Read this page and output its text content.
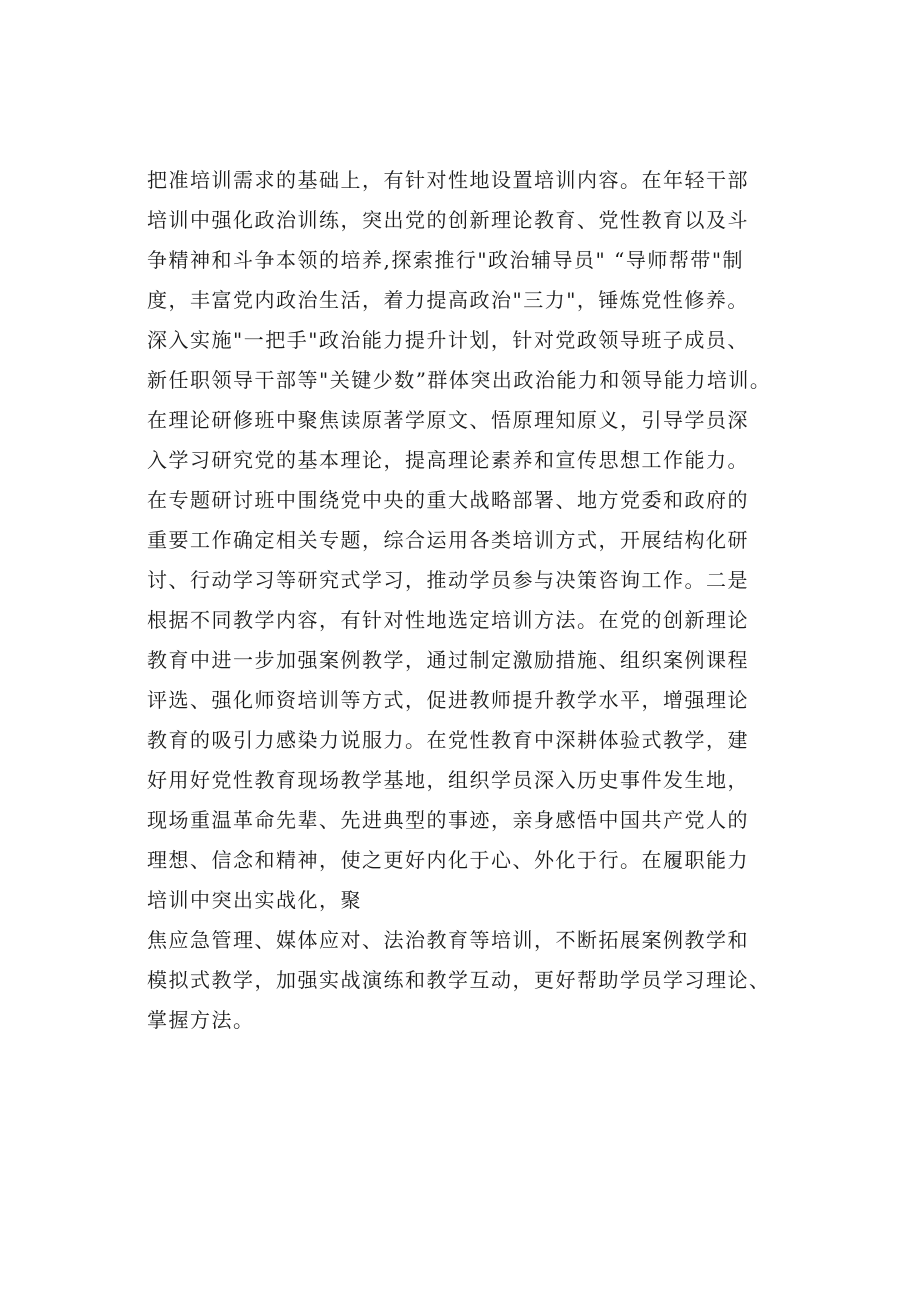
把准培训需求的基础上，有针对性地设置培训内容。在年轻干部
培训中强化政治训练，突出党的创新理论教育、党性教育以及斗
争精神和斗争本领的培养,探索推行"政治辅导员" “导师帮带"制
度，丰富党内政治生活，着力提高政治"三力"，锤炼党性修养。
深入实施"一把手"政治能力提升计划，针对党政领导班子成员、
新任职领导干部等"关键少数”群体突出政治能力和领导能力培训。
在理论研修班中聚焦读原著学原文、悟原理知原义，引导学员深
入学习研究党的基本理论，提高理论素养和宣传思想工作能力。
在专题研讨班中围绕党中央的重大战略部署、地方党委和政府的
重要工作确定相关专题，综合运用各类培训方式，开展结构化研
讨、行动学习等研究式学习，推动学员参与决策咨询工作。二是
根据不同教学内容，有针对性地选定培训方法。在党的创新理论
教育中进一步加强案例教学，通过制定激励措施、组织案例课程
评选、强化师资培训等方式，促进教师提升教学水平，增强理论
教育的吸引力感染力说服力。在党性教育中深耕体验式教学，建
好用好党性教育现场教学基地，组织学员深入历史事件发生地，
现场重温革命先辈、先进典型的事迹，亲身感悟中国共产党人的
理想、信念和精神，使之更好内化于心、外化于行。在履职能力
培训中突出实战化，聚
焦应急管理、媒体应对、法治教育等培训，不断拓展案例教学和
模拟式教学，加强实战演练和教学互动，更好帮助学员学习理论、
掌握方法。
